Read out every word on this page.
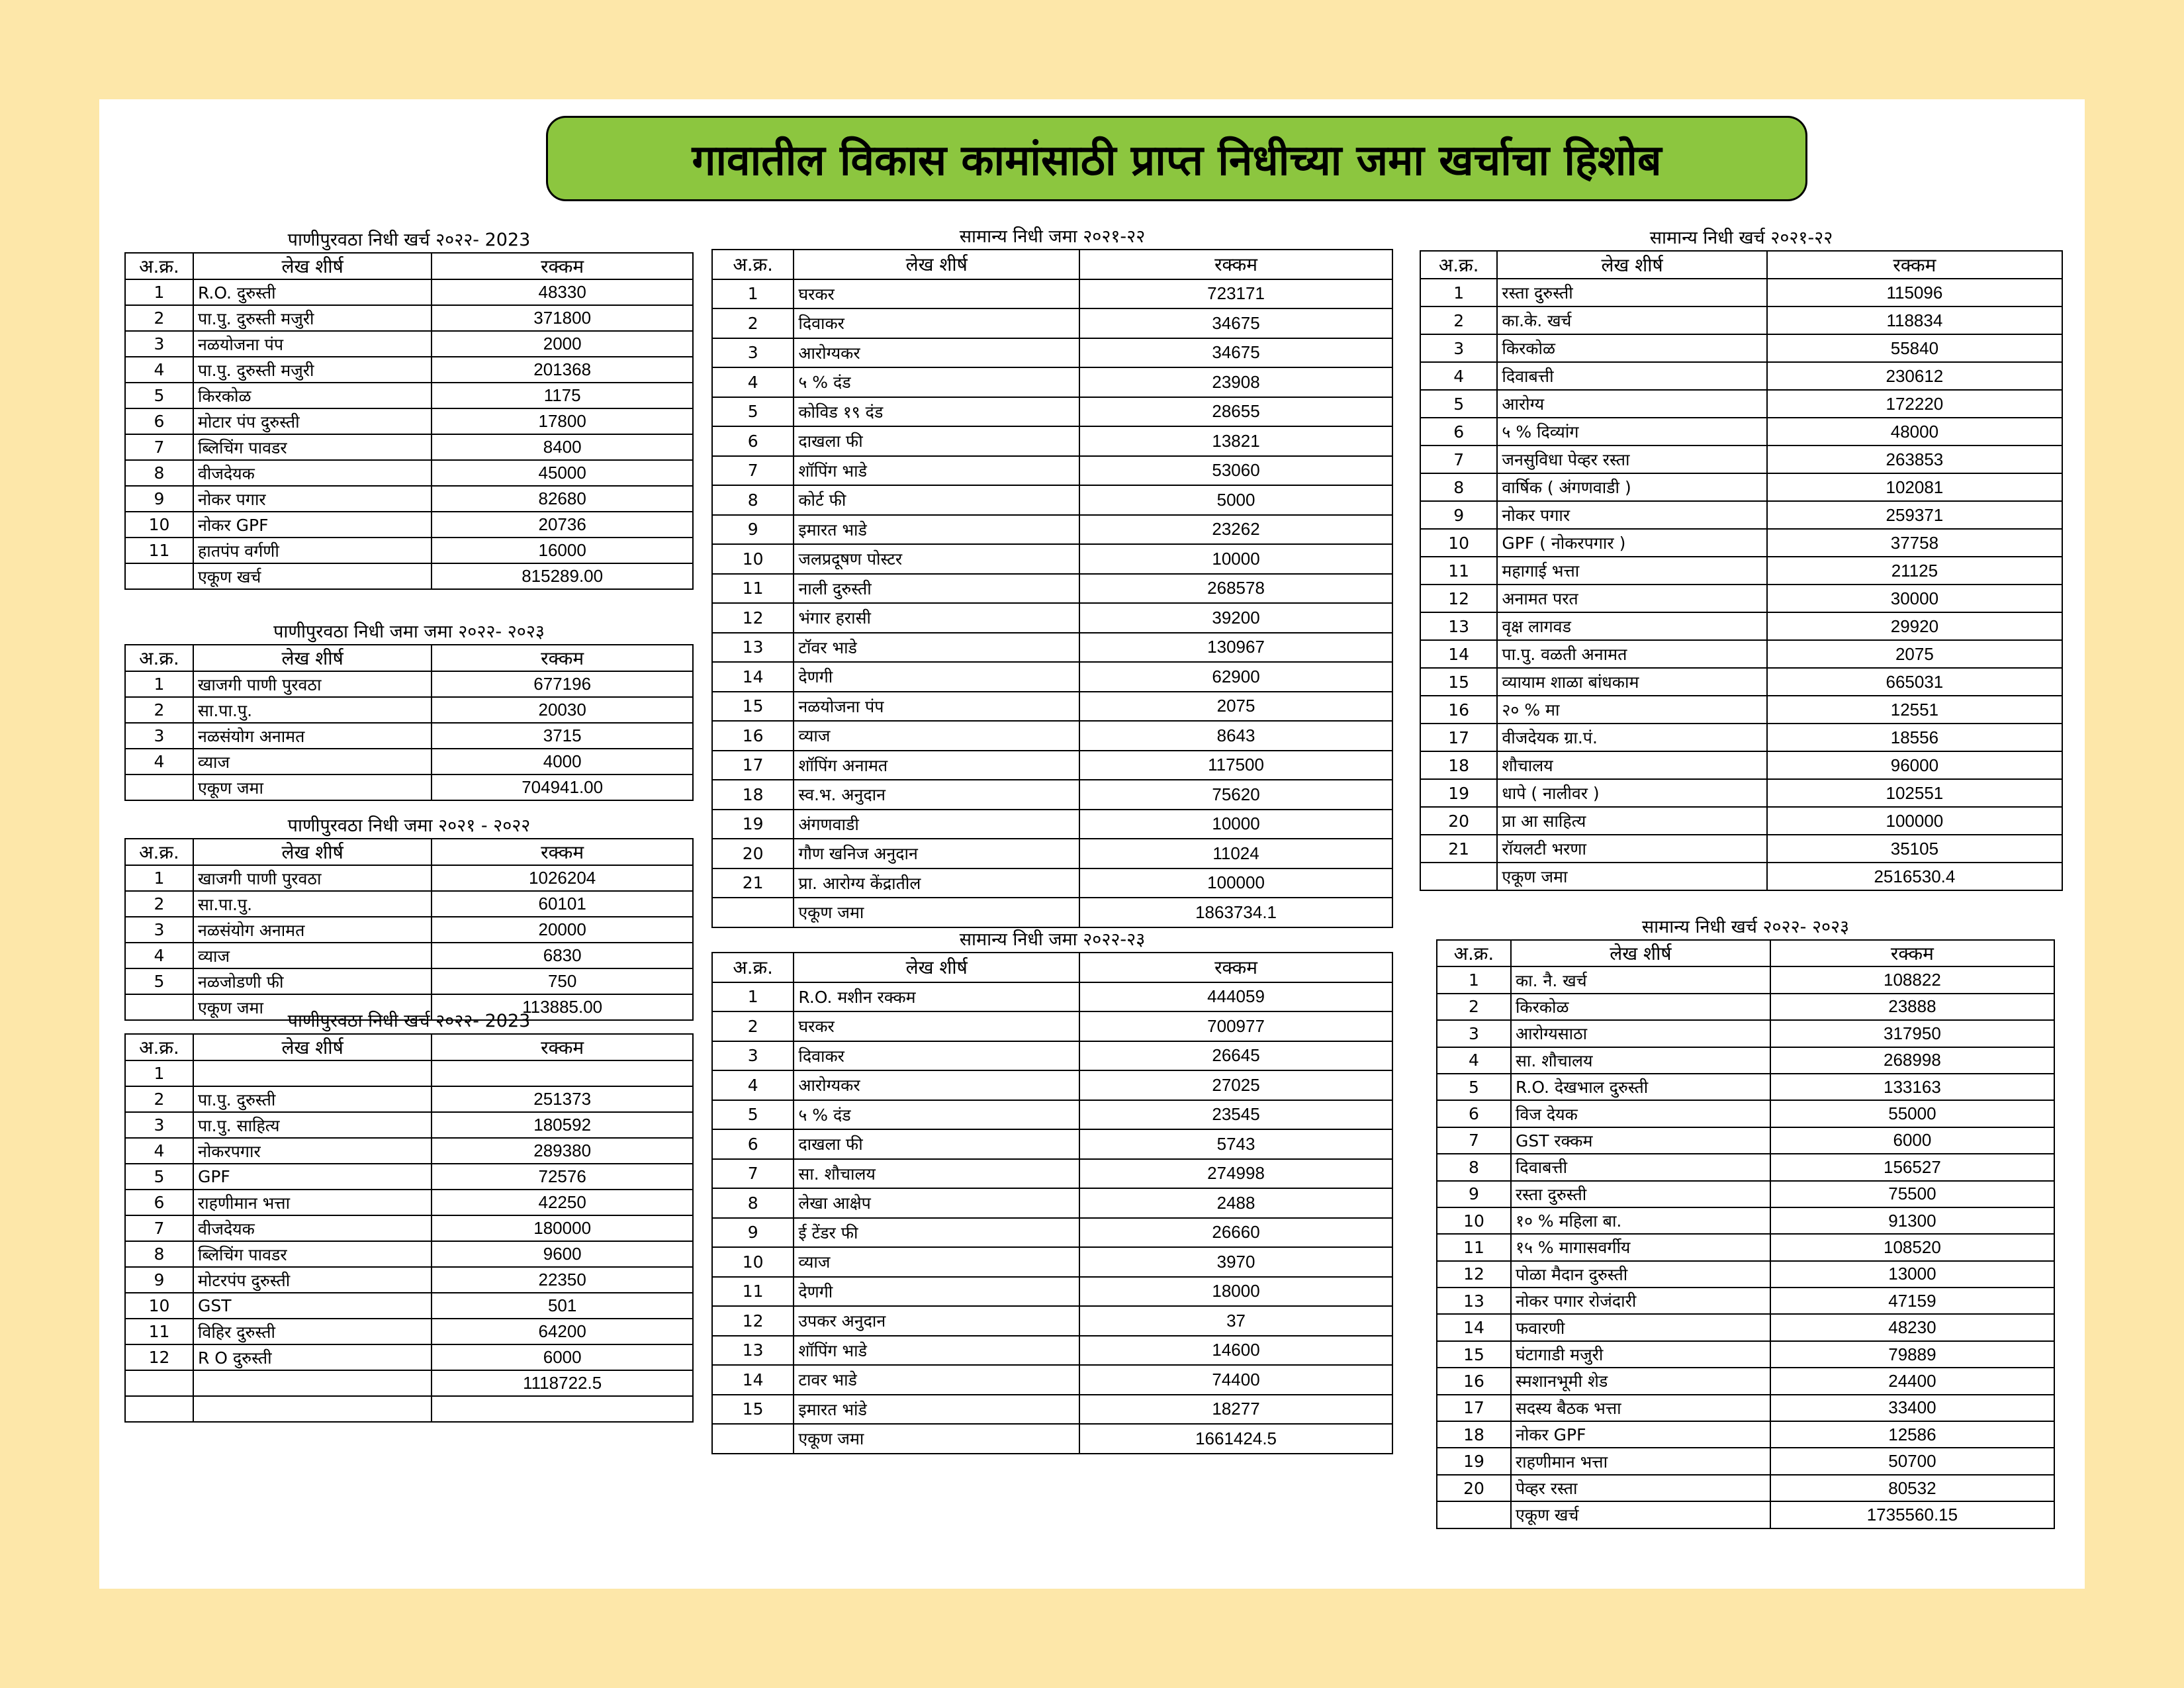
गावातील विकास कामांसाठी प्राप्त निधीच्या जमा खर्चाचा हिशोब
पाणीपुरवठा निधी खर्च २०२२- 2023
अ.क्र.	लेख शीर्ष	रक्कम
1	R.O. दुरुस्ती	48330
2	पा.पु. दुरुस्ती मजुरी	371800
3	नळयोजना पंप	2000
4	पा.पु. दुरुस्ती मजुरी	201368
5	किरकोळ	1175
6	मोटार पंप दुरुस्ती	17800
7	ब्लिचिंग पावडर	8400
8	वीजदेयक	45000
9	नोकर पगार	82680
10	नोकर GPF	20736
11	हातपंप वर्गणी	16000
	एकूण खर्च	815289.00
पाणीपुरवठा निधी जमा जमा २०२२- २०२३
अ.क्र.	लेख शीर्ष	रक्कम
1	खाजगी पाणी पुरवठा	677196
2	सा.पा.पु.	20030
3	नळसंयोग अनामत	3715
4	व्याज	4000
	एकूण जमा	704941.00
पाणीपुरवठा निधी जमा २०२१ - २०२२
अ.क्र.	लेख शीर्ष	रक्कम
1	खाजगी पाणी पुरवठा	1026204
2	सा.पा.पु.	60101
3	नळसंयोग अनामत	20000
4	व्याज	6830
5	नळजोडणी फी	750
	एकूण जमा	113885.00
पाणीपुरवठा निधी खर्च २०२२- 2023
अ.क्र.	लेख शीर्ष	रक्कम
1		
2	पा.पु. दुरुस्ती	251373
3	पा.पु. साहित्य	180592
4	नोकरपगार	289380
5	GPF	72576
6	राहणीमान भत्ता	42250
7	वीजदेयक	180000
8	ब्लिचिंग पावडर	9600
9	मोटरपंप दुरुस्ती	22350
10	GST	501
11	विहिर दुरुस्ती	64200
12	R O दुरुस्ती	6000
		1118722.5

सामान्य निधी जमा २०२१-२२
अ.क्र.	लेख शीर्ष	रक्कम
1	घरकर	723171
2	दिवाकर	34675
3	आरोग्यकर	34675
4	५ % दंड	23908
5	कोविड १९ दंड	28655
6	दाखला फी	13821
7	शॉपिंग भाडे	53060
8	कोर्ट फी	5000
9	इमारत भाडे	23262
10	जलप्रदूषण पोस्टर	10000
11	नाली दुरुस्ती	268578
12	भंगार हरासी	39200
13	टॉवर भाडे	130967
14	देणगी	62900
15	नळयोजना पंप	2075
16	व्याज	8643
17	शॉपिंग अनामत	117500
18	स्व.भ. अनुदान	75620
19	अंगणवाडी	10000
20	गौण खनिज अनुदान	11024
21	प्रा. आरोग्य केंद्रातील	100000
	एकूण जमा	1863734.1
सामान्य निधी जमा २०२२-२३
अ.क्र.	लेख शीर्ष	रक्कम
1	R.O. मशीन रक्कम	444059
2	घरकर	700977
3	दिवाकर	26645
4	आरोग्यकर	27025
5	५ % दंड	23545
6	दाखला फी	5743
7	सा. शौचालय	274998
8	लेखा आक्षेप	2488
9	ई टेंडर फी	26660
10	व्याज	3970
11	देणगी	18000
12	उपकर अनुदान	37
13	शॉपिंग भाडे	14600
14	टावर भाडे	74400
15	इमारत भांडे	18277
	एकूण जमा	1661424.5
सामान्य निधी खर्च २०२१-२२
अ.क्र.	लेख शीर्ष	रक्कम
1	रस्ता दुरुस्ती	115096
2	का.के. खर्च	118834
3	किरकोळ	55840
4	दिवाबत्ती	230612
5	आरोग्य	172220
6	५ % दिव्यांग	48000
7	जनसुविधा पेव्हर रस्ता	263853
8	वार्षिक ( अंगणवाडी )	102081
9	नोकर पगार	259371
10	GPF ( नोकरपगार )	37758
11	महागाई भत्ता	21125
12	अनामत परत	30000
13	वृक्ष लागवड	29920
14	पा.पु. वळती अनामत	2075
15	व्यायाम शाळा बांधकाम	665031
16	२० % मा	12551
17	वीजदेयक ग्रा.पं.	18556
18	शौचालय	96000
19	धापे ( नालीवर )	102551
20	प्रा आ साहित्य	100000
21	रॉयलटी भरणा	35105
	एकूण जमा	2516530.4
सामान्य निधी खर्च २०२२- २०२३
अ.क्र.	लेख शीर्ष	रक्कम
1	का. नै. खर्च	108822
2	किरकोळ	23888
3	आरोग्यसाठा	317950
4	सा. शौचालय	268998
5	R.O. देखभाल दुरुस्ती	133163
6	विज देयक	55000
7	GST रक्कम	6000
8	दिवाबत्ती	156527
9	रस्ता दुरुस्ती	75500
10	१० % महिला बा.	91300
11	१५ % मागासवर्गीय	108520
12	पोळा मैदान दुरुस्ती	13000
13	नोकर पगार रोजंदारी	47159
14	फवारणी	48230
15	घंटागाडी मजुरी	79889
16	स्मशानभूमी शेड	24400
17	सदस्य बैठक भत्ता	33400
18	नोकर GPF	12586
19	राहणीमान भत्ता	50700
20	पेव्हर रस्ता	80532
	एकूण खर्च	1735560.15
